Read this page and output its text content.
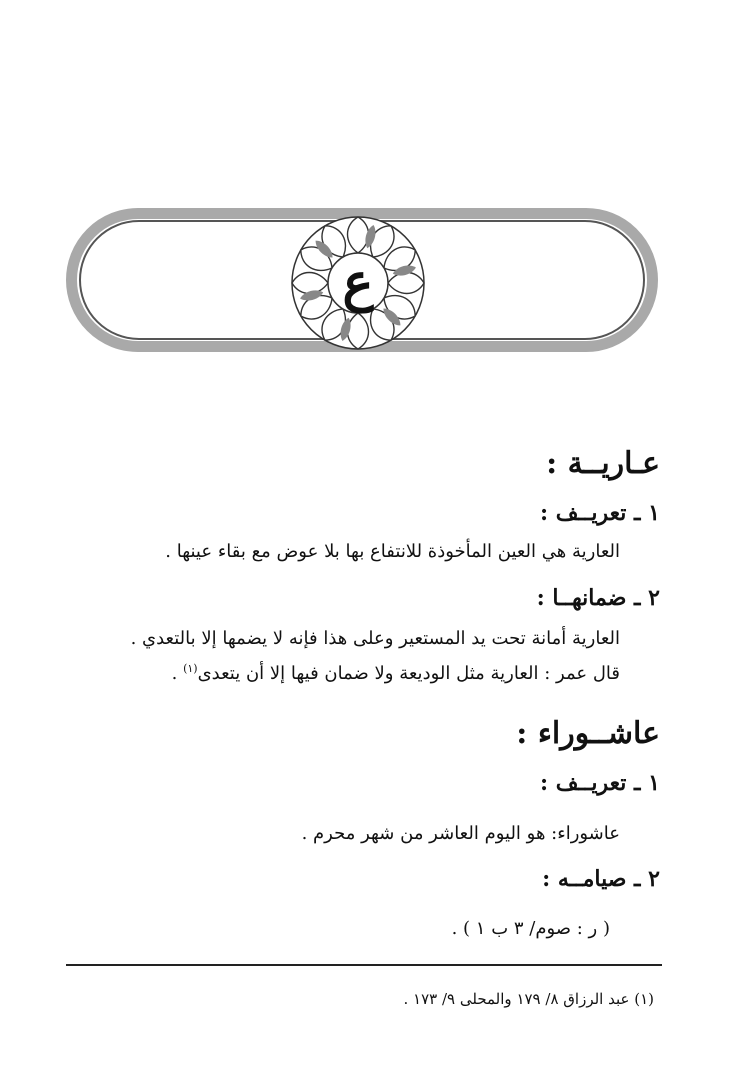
ع
عـاريــة :
١ ـ تعريــف :
العارية هي العين المأخوذة للانتفاع بها بلا عوض مع بقاء عينها .
٢ ـ ضمانهــا :
العارية أمانة تحت يد المستعير وعلى هذا فإنه لا يضمها إلا بالتعدي .
قال عمر : العارية مثل الوديعة ولا ضمان فيها إلا أن يتعدى$^{(١)}$ .
عاشــوراء :
١ ـ تعريــف :
عاشوراء: هو اليوم العاشر من شهر محرم .
٢ ـ صيامــه :
( ر : صوم/ ٣ ب ١ ) .
(١) عبد الرزاق ٨/ ١٧٩ والمحلى ٩/ ١٧٣ .
